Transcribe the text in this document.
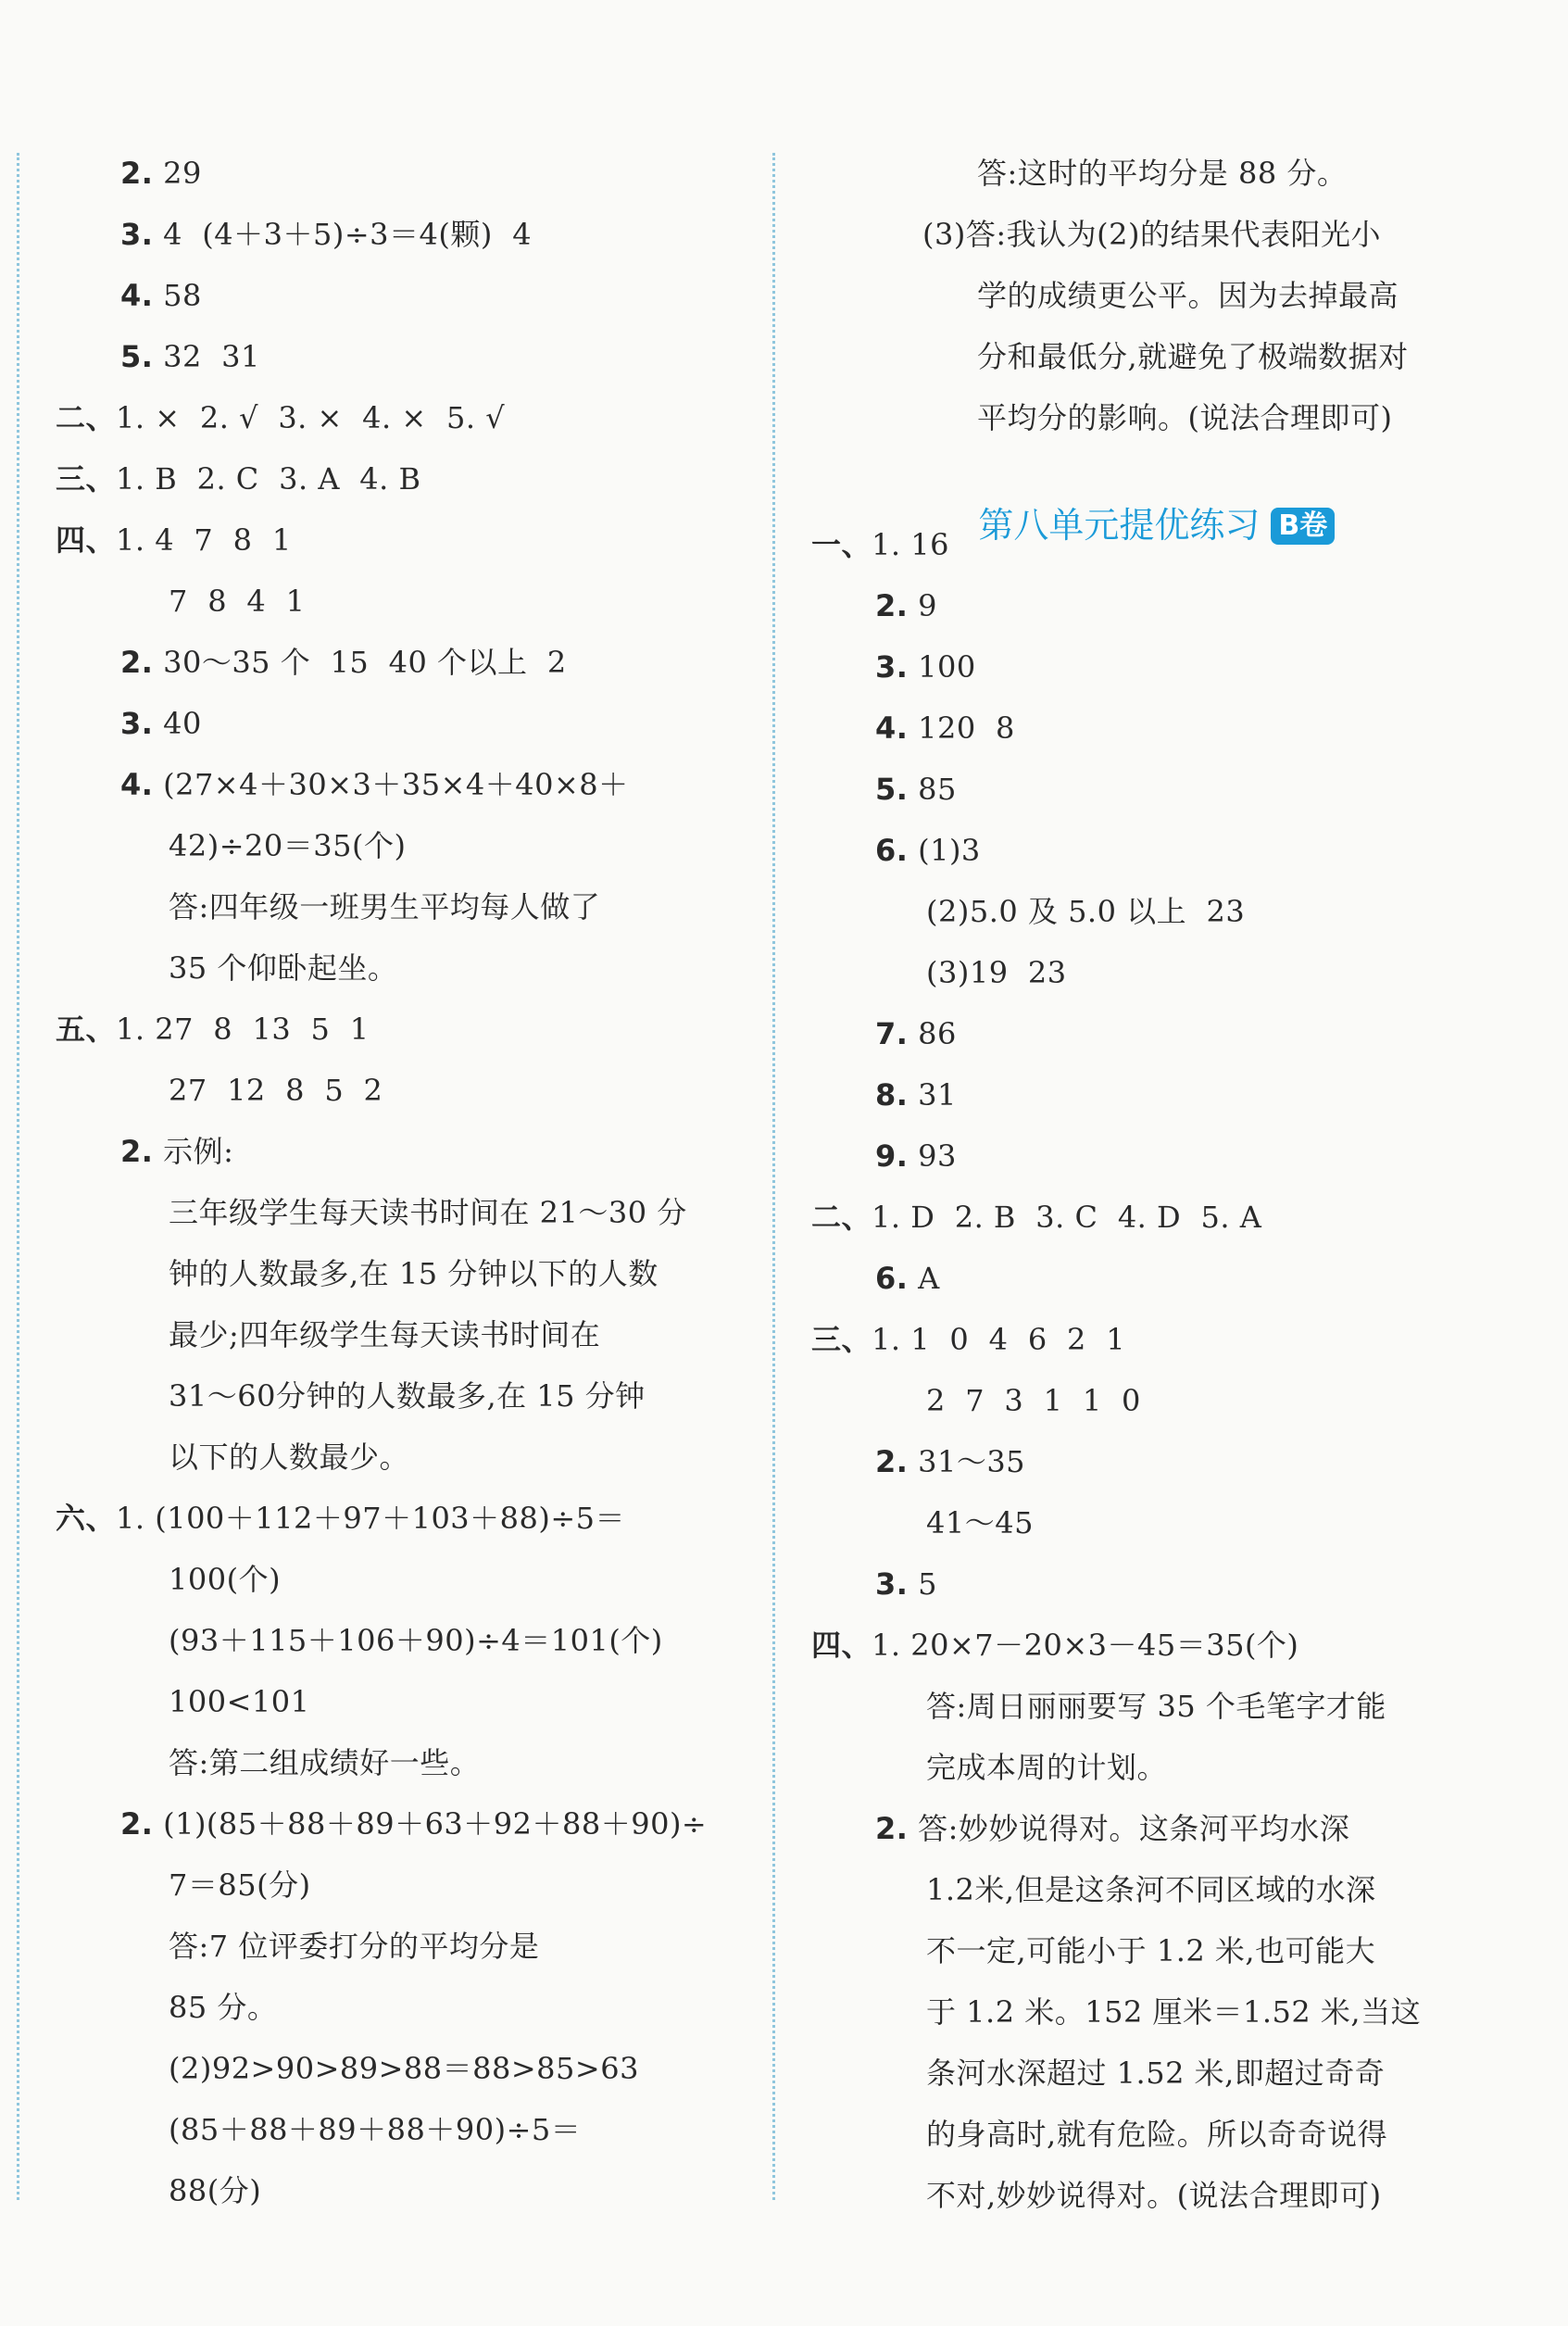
2. 29
3. 4  (4＋3＋5)÷3＝4(颗)  4
4. 58
5. 32  31
二、1. ×  2. √  3. ×  4. ×  5. √
三、1. B  2. C  3. A  4. B
四、1. 4  7  8  1
7  8  4  1
2. 30～35 个  15  40 个以上  2
3. 40
4. (27×4＋30×3＋35×4＋40×8＋
42)÷20＝35(个)
答:四年级一班男生平均每人做了
35 个仰卧起坐。
五、1. 27  8  13  5  1
27  12  8  5  2
2. 示例:
三年级学生每天读书时间在 21～30 分
钟的人数最多,在 15 分钟以下的人数
最少;四年级学生每天读书时间在
31～60分钟的人数最多,在 15 分钟
以下的人数最少。
六、1. (100＋112＋97＋103＋88)÷5＝
100(个)
(93＋115＋106＋90)÷4＝101(个)
100<101
答:第二组成绩好一些。
2. (1)(85＋88＋89＋63＋92＋88＋90)÷
7＝85(分)
答:7 位评委打分的平均分是
85 分。
(2)92>90>89>88＝88>85>63
(85＋88＋89＋88＋90)÷5＝
88(分)
答:这时的平均分是 88 分。
(3)答:我认为(2)的结果代表阳光小
学的成绩更公平。因为去掉最高
分和最低分,就避免了极端数据对
平均分的影响。(说法合理即可)

第八单元提优练习 B卷

一、1. 16
2. 9
3. 100
4. 120  8
5. 85
6. (1)3
(2)5.0 及 5.0 以上  23
(3)19  23
7. 86
8. 31
9. 93
二、1. D  2. B  3. C  4. D  5. A
6. A
三、1. 1  0  4  6  2  1
2  7  3  1  1  0
2. 31～35
41～45
3. 5
四、1. 20×7－20×3－45＝35(个)
答:周日丽丽要写 35 个毛笔字才能
完成本周的计划。
2. 答:妙妙说得对。这条河平均水深
1.2米,但是这条河不同区域的水深
不一定,可能小于 1.2 米,也可能大
于 1.2 米。152 厘米＝1.52 米,当这
条河水深超过 1.52 米,即超过奇奇
的身高时,就有危险。所以奇奇说得
不对,妙妙说得对。(说法合理即可)
